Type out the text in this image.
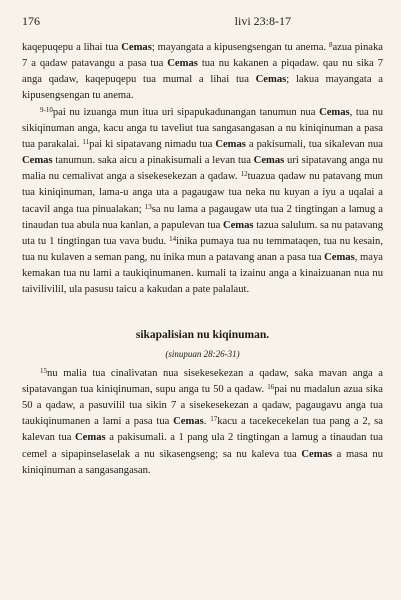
176	livi 23:8-17

kaqepuqepu a lihai tua Cemas; mayangata a kipusengsengan tu anema. $^8$azua pinaka 7 a qadaw patavangu a pasa tua Cemas tua nu kakanen a piqadaw. qau nu sika 7 anga qadaw, kaqepuqepu tua mumal a lihai tua Cemas; lakua mayangata a kipusengsengan tu anema.

$^{9-10}$pai nu izuanga mun itua uri sipapukadunangan tanumun nua Cemas, tua nu sikiqinuman anga, kacu anga tu taveliut tua sangasangasan a nu kiniqinuman a pasa tua parakalai. $^{11}$pai ki sipatavang nimadu tua Cemas a pakisumali, tua sikalevan nua Cemas tanumun. saka aicu a pinakisumali a levan tua Cemas uri sipatavang anga nu malia nu cemalivat anga a sisekesekezan a qadaw. $^{12}$tuazua qadaw nu patavang mun tua kiniqinuman, lama-u anga uta a pagaugaw tua neka nu kuyan a iyu a uqalai a tacavil anga tua pinualakan; $^{13}$sa nu lama a pagaugaw uta tua 2 tingtingan a lamug a tinaudan tua abula nua kanlan, a papulevan tua Cemas tazua salulum. sa nu patavang uta tu 1 tingtingan tua vava budu. $^{14}$inika pumaya tua nu temmataqen, tua nu kesain, tua nu kulaven a seman pang, nu inika mun a patavang anan a pasa tua Cemas, maya kemakan tua nu lami a taukiqinumanen. kumali ta izainu anga a kinaizuanan nua nu taivilivilil, ula pasusu taicu a kakudan a pate palalaut.

sikapalisian nu kiqinuman.
(sinupuan 28:26-31)

$^{15}$nu malia tua cinalivatan nua sisekesekezan a qadaw, saka mavan anga a sipatavangan tua kiniqinuman, supu anga tu 50 a qadaw. $^{16}$pai nu madalun azua sika 50 a qadaw, a pasuvilil tua sikin 7 a sisekesekezan a qadaw, pagaugavu anga tua taukiqinumanen a lami a pasa tua Cemas. $^{17}$kacu a tacekecekelan tua pang a 2, sa kalevan tua Cemas a pakisumali. a 1 pang ula 2 tingtingan a lamug a tinaudan tua cemel a sipapinselaselak a nu sikasengseng; sa nu kaleva tua Cemas a masa nu kiniqinuman a sangasangasan.
